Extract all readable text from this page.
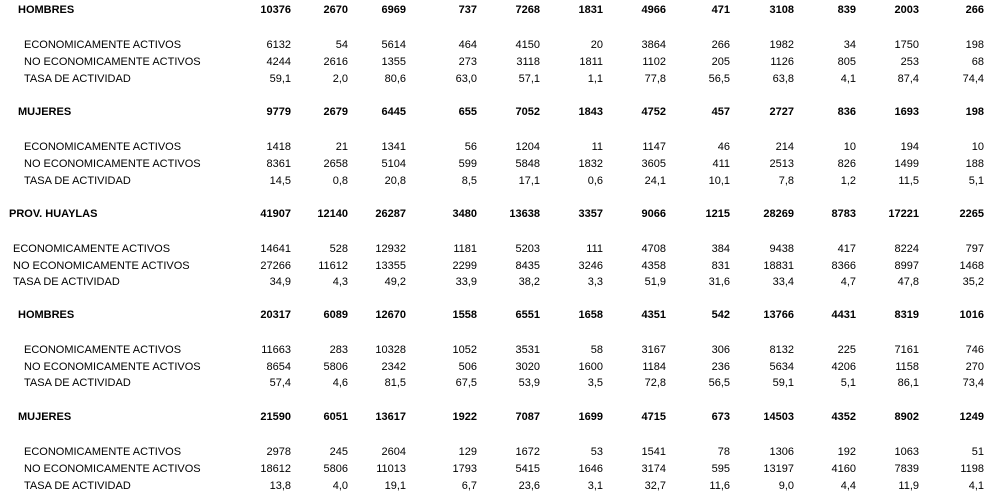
HOMBRES	10376	2670	6969	737	7268	1831	4966	471	3108	839	2003	266
ECONOMICAMENTE ACTIVOS	6132	54	5614	464	4150	20	3864	266	1982	34	1750	198
NO ECONOMICAMENTE ACTIVOS	4244	2616	1355	273	3118	1811	1102	205	1126	805	253	68
TASA DE ACTIVIDAD	59,1	2,0	80,6	63,0	57,1	1,1	77,8	56,5	63,8	4,1	87,4	74,4
MUJERES	9779	2679	6445	655	7052	1843	4752	457	2727	836	1693	198
ECONOMICAMENTE ACTIVOS	1418	21	1341	56	1204	11	1147	46	214	10	194	10
NO ECONOMICAMENTE ACTIVOS	8361	2658	5104	599	5848	1832	3605	411	2513	826	1499	188
TASA DE ACTIVIDAD	14,5	0,8	20,8	8,5	17,1	0,6	24,1	10,1	7,8	1,2	11,5	5,1
PROV. HUAYLAS	41907	12140	26287	3480	13638	3357	9066	1215	28269	8783	17221	2265
ECONOMICAMENTE ACTIVOS	14641	528	12932	1181	5203	111	4708	384	9438	417	8224	797
NO ECONOMICAMENTE ACTIVOS	27266	11612	13355	2299	8435	3246	4358	831	18831	8366	8997	1468
TASA DE ACTIVIDAD	34,9	4,3	49,2	33,9	38,2	3,3	51,9	31,6	33,4	4,7	47,8	35,2
HOMBRES	20317	6089	12670	1558	6551	1658	4351	542	13766	4431	8319	1016
ECONOMICAMENTE ACTIVOS	11663	283	10328	1052	3531	58	3167	306	8132	225	7161	746
NO ECONOMICAMENTE ACTIVOS	8654	5806	2342	506	3020	1600	1184	236	5634	4206	1158	270
TASA DE ACTIVIDAD	57,4	4,6	81,5	67,5	53,9	3,5	72,8	56,5	59,1	5,1	86,1	73,4
MUJERES	21590	6051	13617	1922	7087	1699	4715	673	14503	4352	8902	1249
ECONOMICAMENTE ACTIVOS	2978	245	2604	129	1672	53	1541	78	1306	192	1063	51
NO ECONOMICAMENTE ACTIVOS	18612	5806	11013	1793	5415	1646	3174	595	13197	4160	7839	1198
TASA DE ACTIVIDAD	13,8	4,0	19,1	6,7	23,6	3,1	32,7	11,6	9,0	4,4	11,9	4,1
